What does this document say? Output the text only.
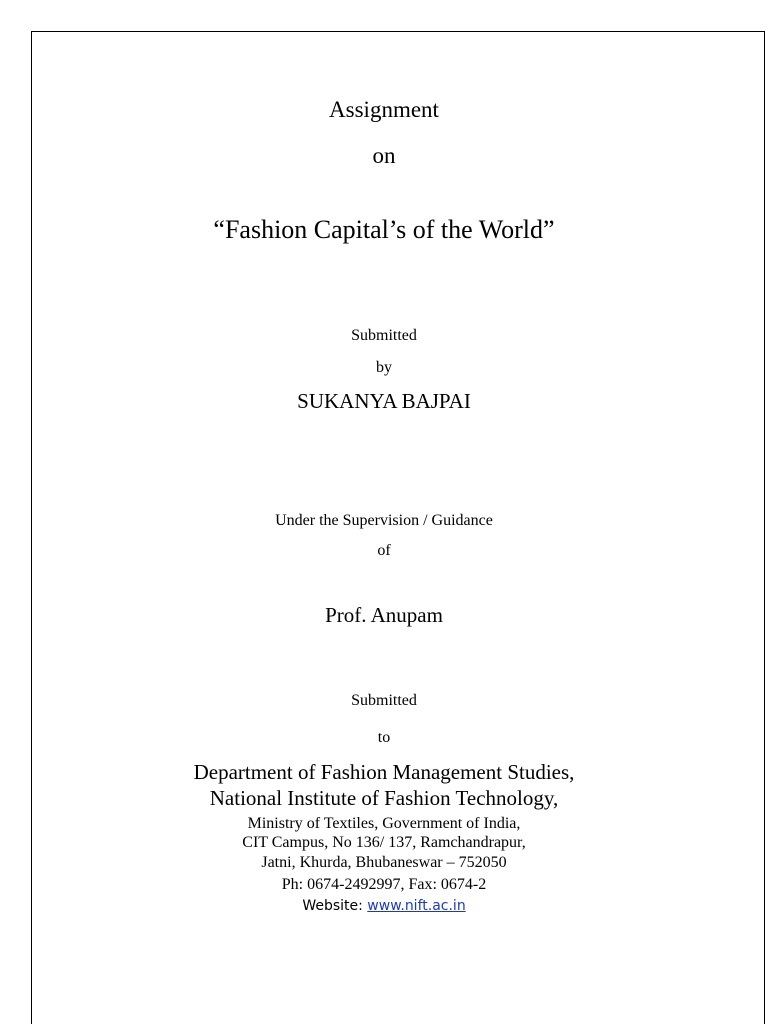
Assignment
on
“Fashion Capital’s of the World”
Submitted
by
SUKANYA BAJPAI
Under the Supervision / Guidance
of
Prof. Anupam
Submitted
to
Department of Fashion Management Studies,
National Institute of Fashion Technology,
Ministry of Textiles, Government of India,
CIT Campus, No 136/ 137, Ramchandrapur,
Jatni, Khurda, Bhubaneswar – 752050
Ph: 0674-2492997, Fax: 0674-2
Website: www.nift.ac.in
